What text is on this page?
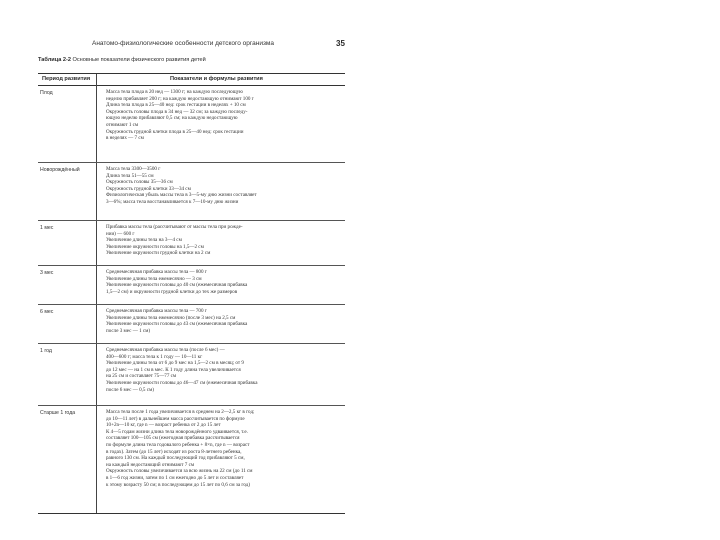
Анатомо-физиологические особенности детского организма	35
Таблица 2-2 Основные показатели физического развития детей
Период развития	Показатели и формулы развития
Плод	Масса тела плода в 20 нед — 1300 г; на каждую последующую
неделю прибавляет 200 г; на каждую недостающую отнимают 100 г
Длина тела плода в 25—40 нед: срок гестации в неделях + 10 см
Окружность головы плода в 34 нед — 32 см; за каждую последу-
ющую неделю прибавляют 0,5 см; на каждую недостающую
отнимают 1 см
Окружность грудной клетки плода в 25—40 нед: срок гестации
в неделях — 7 см
Новорождённый	Масса тела 3300—3500 г
Длина тела 51—55 см
Окружность головы 35—36 см
Окружность грудной клетки 33—34 см
Физиологическая убыль массы тела в 3—5-му дню жизни составляет
3—6%; масса тела восстанавливается к 7—10-му дню жизни
1 мес	Прибавка массы тела (рассчитывают от массы тела при рожде-
нии) — 600 г
Увеличение длины тела на 3—4 см
Увеличение окружности головы на 1,5—2 см
Увеличение окружности грудной клетки на 2 см
3 мес	Среднемесячная прибавка массы тела — 800 г
Увеличение длины тела ежемесячно — 3 см
Увеличение окружности головы до 40 см (ежемесячная прибавка
1,5—2 см) и окружности грудной клетки до тех же размеров
6 мес	Среднемесячная прибавка массы тела — 700 г
Увеличение длины тела ежемесячно (после 3 мес) на 2,5 см
Увеличение окружности головы до 43 см (ежемесячная прибавка
после 3 мес — 1 см)
1 год	Среднемесячная прибавка массы тела (после 6 мес) —
400—600 г; масса тела к 1 году — 10—11 кг
Увеличение длины тела от 6 до 9 мес на 1,5—2 см в месяц; от 9
до 12 мес — на 1 см в мес. К 1 году длина тела увеличивается
на 25 см и составляет 75—77 см
Увеличение окружности головы до 46—47 см (ежемесячная прибавка
после 6 мес — 0,5 см)
Старше 1 года	Масса тела после 1 года увеличивается в среднем на 2—2,5 кг в год;
до 10—11 лет) в дальнейшем масса рассчитывается по формуле
10+2n—10 кг, где n — возраст ребенка от 2 до 15 лет
К 4—5 годам жизни длина тела новорождённого удваивается, т.е.
составляет 100—105 см (ежегодная прибавка рассчитывается
по формуле длина тела годовалого ребенка + 8×n, где n — возраст
в годах). Затем (до 15 лет) исходят из роста 8-летнего ребенка,
равного 130 см. На каждый последующий год прибавляют 5 см,
на каждый недостающий отнимают 7 см
Окружность головы увеличивается за всю жизнь на 22 см (до 11 см
в 1—6 год жизни, затем по 1 см ежегодно до 5 лет и составляет
к этому возрасту 50 см; в последующем до 15 лет по 0,6 см за год)
